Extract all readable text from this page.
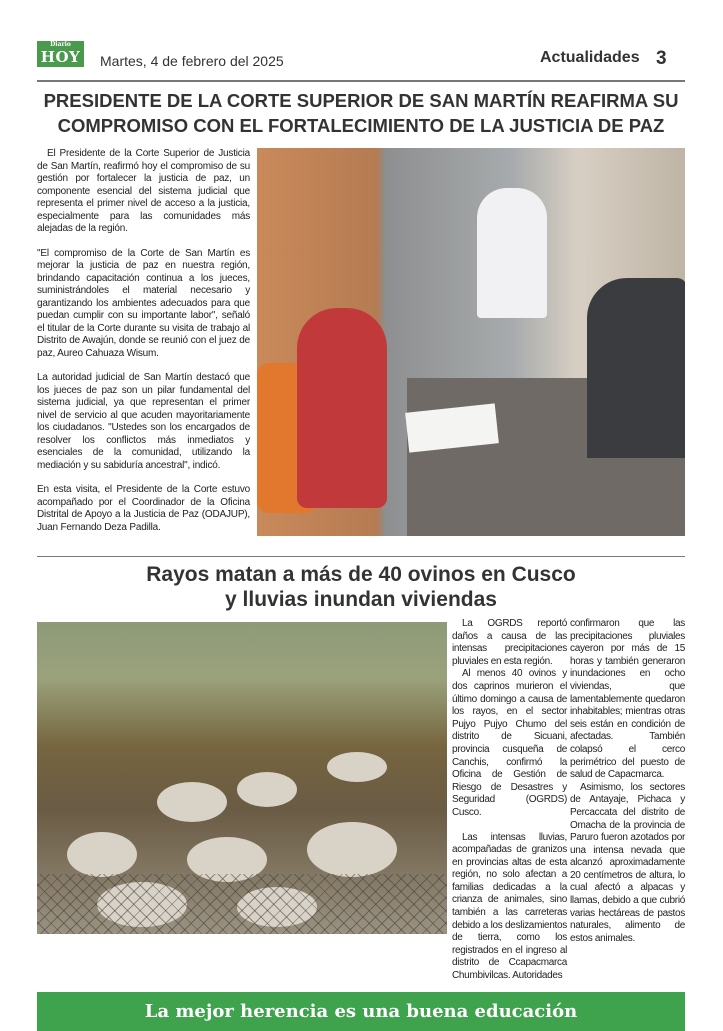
Diario
HOY Martes, 4 de febrero del 2025	Actualidades 3
PRESIDENTE DE LA CORTE SUPERIOR DE SAN MARTÍN REAFIRMA SU COMPROMISO CON EL FORTALECIMIENTO DE LA JUSTICIA DE PAZ

El Presidente de la Corte Superior de Justicia de San Martín, reafirmó hoy el compromiso de su gestión por fortalecer la justicia de paz, un componente esencial del sistema judicial que representa el primer nivel de acceso a la justicia, especialmente para las comunidades más alejadas de la región.

"El compromiso de la Corte de San Martín es mejorar la justicia de paz en nuestra región, brindando capacitación continua a los jueces, suministrándoles el material necesario y garantizando los ambientes adecuados para que puedan cumplir con su importante labor", señaló el titular de la Corte durante su visita de trabajo al Distrito de Awajún, donde se reunió con el juez de paz, Aureo Cahuaza Wisum.

La autoridad judicial de San Martín destacó que los jueces de paz son un pilar fundamental del sistema judicial, ya que representan el primer nivel de servicio al que acuden mayoritariamente los ciudadanos. "Ustedes son los encargados de resolver los conflictos más inmediatos y esenciales de la comunidad, utilizando la mediación y su sabiduría ancestral", indicó.

En esta visita, el Presidente de la Corte estuvo acompañado por el Coordinador de la Oficina Distrital de Apoyo a la Justicia de Paz (ODAJUP), Juan Fernando Deza Padilla.

Rayos matan a más de 40 ovinos en Cusco
y lluvias inundan viviendas

La OGRDS reportó daños a causa de las intensas precipitaciones pluviales en esta región.

Al menos 40 ovinos y dos caprinos murieron el último domingo a causa de los rayos, en el sector Pujyo Pujyo Chumo del distrito de Sicuani, provincia cusqueña de Canchis, confirmó la Oficina de Gestión de Riesgo de Desastres y Seguridad (OGRDS) Cusco.

Las intensas lluvias, acompañadas de granizos en provincias altas de esta región, no solo afectan a familias dedicadas a la crianza de animales, sino también a las carreteras debido a los deslizamientos de tierra, como los registrados en el ingreso al distrito de Ccapacmarca Chumbivilcas. Autoridades

confirmaron que las precipitaciones pluviales cayeron por más de 15 horas y también generaron inundaciones en ocho viviendas, que lamentablemente quedaron inhabitables; mientras otras seis están en condición de afectadas. También colapsó el cerco perimétrico del puesto de salud de Capacmarca.

Asimismo, los sectores de Antayaje, Pichaca y Percaccata del distrito de Omacha de la provincia de Paruro fueron azotados por una intensa nevada que alcanzó aproximadamente 20 centímetros de altura, lo cual afectó a alpacas y llamas, debido a que cubrió varias hectáreas de pastos naturales, alimento de estos animales.

La mejor herencia es una buena educación
